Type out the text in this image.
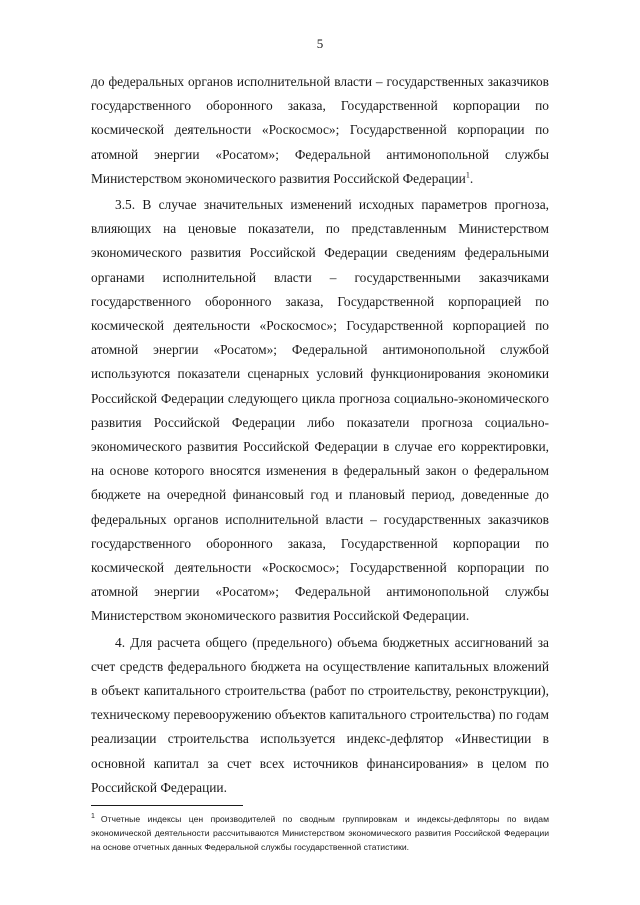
5

до федеральных органов исполнительной власти – государственных заказчиков государственного оборонного заказа, Государственной корпорации по космической деятельности «Роскосмос»; Государственной корпорации по атомной энергии «Росатом»; Федеральной антимонопольной службы Министерством экономического развития Российской Федерации$^1$.

3.5. В случае значительных изменений исходных параметров прогноза, влияющих на ценовые показатели, по представленным Министерством экономического развития Российской Федерации сведениям федеральными органами исполнительной власти – государственными заказчиками государственного оборонного заказа, Государственной корпорацией по космической деятельности «Роскосмос»; Государственной корпорацией по атомной энергии «Росатом»; Федеральной антимонопольной службой используются показатели сценарных условий функционирования экономики Российской Федерации следующего цикла прогноза социально-экономического развития Российской Федерации либо показатели прогноза социально-экономического развития Российской Федерации в случае его корректировки, на основе которого вносятся изменения в федеральный закон о федеральном бюджете на очередной финансовый год и плановый период, доведенные до федеральных органов исполнительной власти – государственных заказчиков государственного оборонного заказа, Государственной корпорации по космической деятельности «Роскосмос»; Государственной корпорации по атомной энергии «Росатом»; Федеральной антимонопольной службы Министерством экономического развития Российской Федерации.

4. Для расчета общего (предельного) объема бюджетных ассигнований за счет средств федерального бюджета на осуществление капитальных вложений в объект капитального строительства (работ по строительству, реконструкции), техническому перевооружению объектов капитального строительства) по годам реализации строительства используется индекс-дефлятор «Инвестиции в основной капитал за счет всех источников финансирования» в целом по Российской Федерации.

$^1$ Отчетные индексы цен производителей по сводным группировкам и индексы-дефляторы по видам экономической деятельности рассчитываются Министерством экономического развития Российской Федерации на основе отчетных данных Федеральной службы государственной статистики.
